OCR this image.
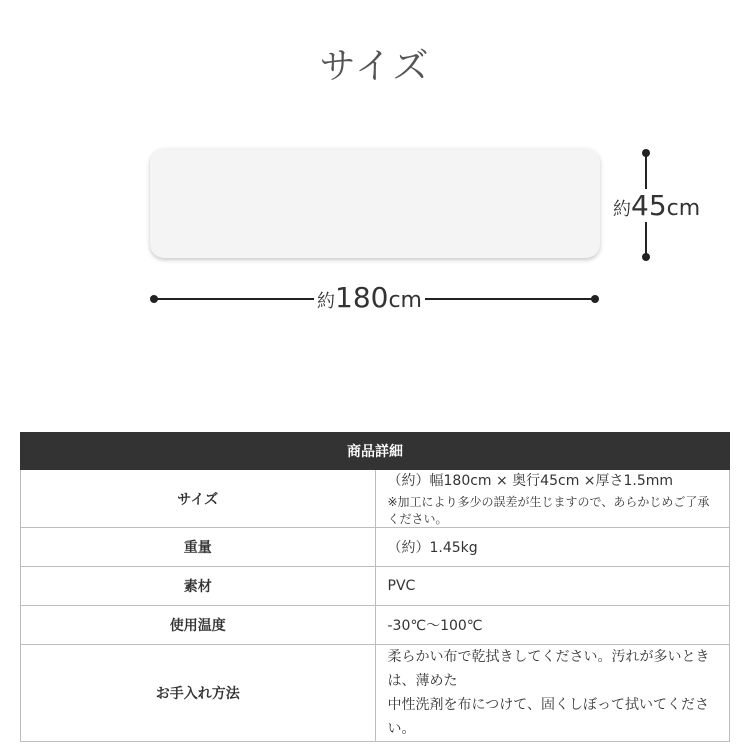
サイズ
約45cm
約180cm
商品詳細	
サイズ	（約）幅180cm × 奥行45cm ×厚さ1.5mm
※加工により多少の誤差が生じますので、あらかじめご了承ください。

重量	（約）1.45kg
素材	PVC
使用温度	-30℃〜100℃
お手入れ方法	柔らかい布で乾拭きしてください。汚れが多いときは、薄めた
中性洗剤を布につけて、固くしぼって拭いてください。
